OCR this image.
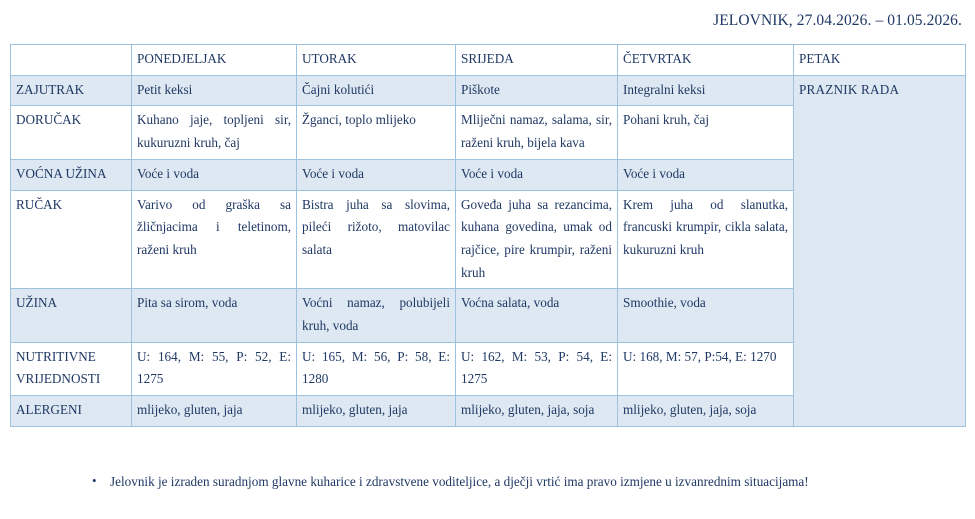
JELOVNIK, 27.04.2026. – 01.05.2026.
	PONEDJELJAK	UTORAK	SRIJEDA	ČETVRTAK	PETAK
ZAJUTRAK	Petit keksi	Čajni kolutići	Piškote	Integralni keksi	PRAZNIK RADA
DORUČAK	Kuhano jaje, topljeni sir, kukuruzni kruh, čaj	Žganci, toplo mlijeko	Mliječni namaz, salama, sir, raženi kruh, bijela kava	Pohani kruh, čaj	
VOĆNA UŽINA	Voće i voda	Voće i voda	Voće i voda	Voće i voda	
RUČAK	Varivo od graška sa žličnjacima i teletinom, raženi kruh	Bistra juha sa slovima, pileći rižoto, matovilac salata	Goveđa juha sa rezancima, kuhana govedina, umak od rajčice, pire krumpir, raženi kruh	Krem juha od slanutka, francuski krumpir, cikla salata, kukuruzni kruh	
UŽINA	Pita sa sirom, voda	Voćni namaz, polubijeli kruh, voda	Voćna salata, voda	Smoothie, voda	
NUTRITIVNE VRIJEDNOSTI	U: 164, M: 55, P: 52, E: 1275	U: 165, M: 56, P: 58, E: 1280	U: 162, M: 53, P: 54, E: 1275	U: 168, M: 57, P:54, E: 1270	
ALERGENI	mlijeko, gluten, jaja	mlijeko, gluten, jaja	mlijeko, gluten, jaja, soja	mlijeko, gluten, jaja, soja	
• Jelovnik je izraden suradnjom glavne kuharice i zdravstvene voditeljice, a dječji vrtić ima pravo izmjene u izvanrednim situacijama!
